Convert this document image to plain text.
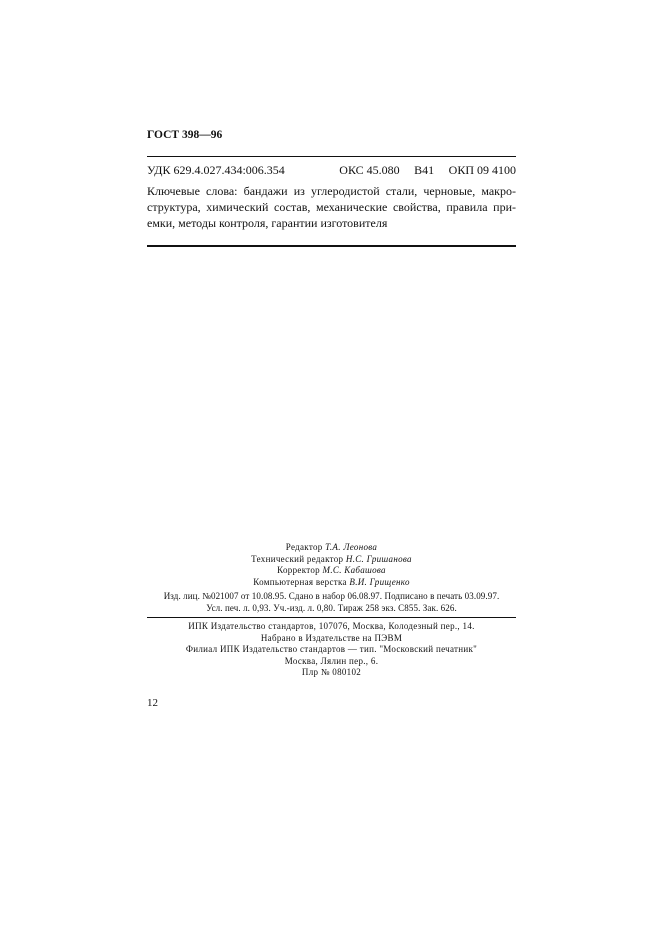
ГОСТ 398—96
УДК 629.4.027.434:006.354	ОКС 45.080 В41 ОКП 09 4100
Ключевые слова: бандажи из углеродистой стали, черновые, макро-структура, химический состав, механические свойства, правила при-емки, методы контроля, гарантии изготовителя
Редактор Т.А. Леонова
Технический редактор Н.С. Гришанова
Корректор М.С. Кабашова
Компьютерная верстка В.И. Грищенко
Изд. лиц. №021007 от 10.08.95. Сдано в набор 06.08.97. Подписано в печать 03.09.97.
Усл. печ. л. 0,93. Уч.-изд. л. 0,80. Тираж 258 экз. С855. Зак. 626.
ИПК Издательство стандартов, 107076, Москва, Колодезный пер., 14.
Набрано в Издательстве на ПЭВМ
Филиал ИПК Издательство стандартов — тип. "Московский печатник"
Москва, Лялин пер., 6.
Плр № 080102
12
